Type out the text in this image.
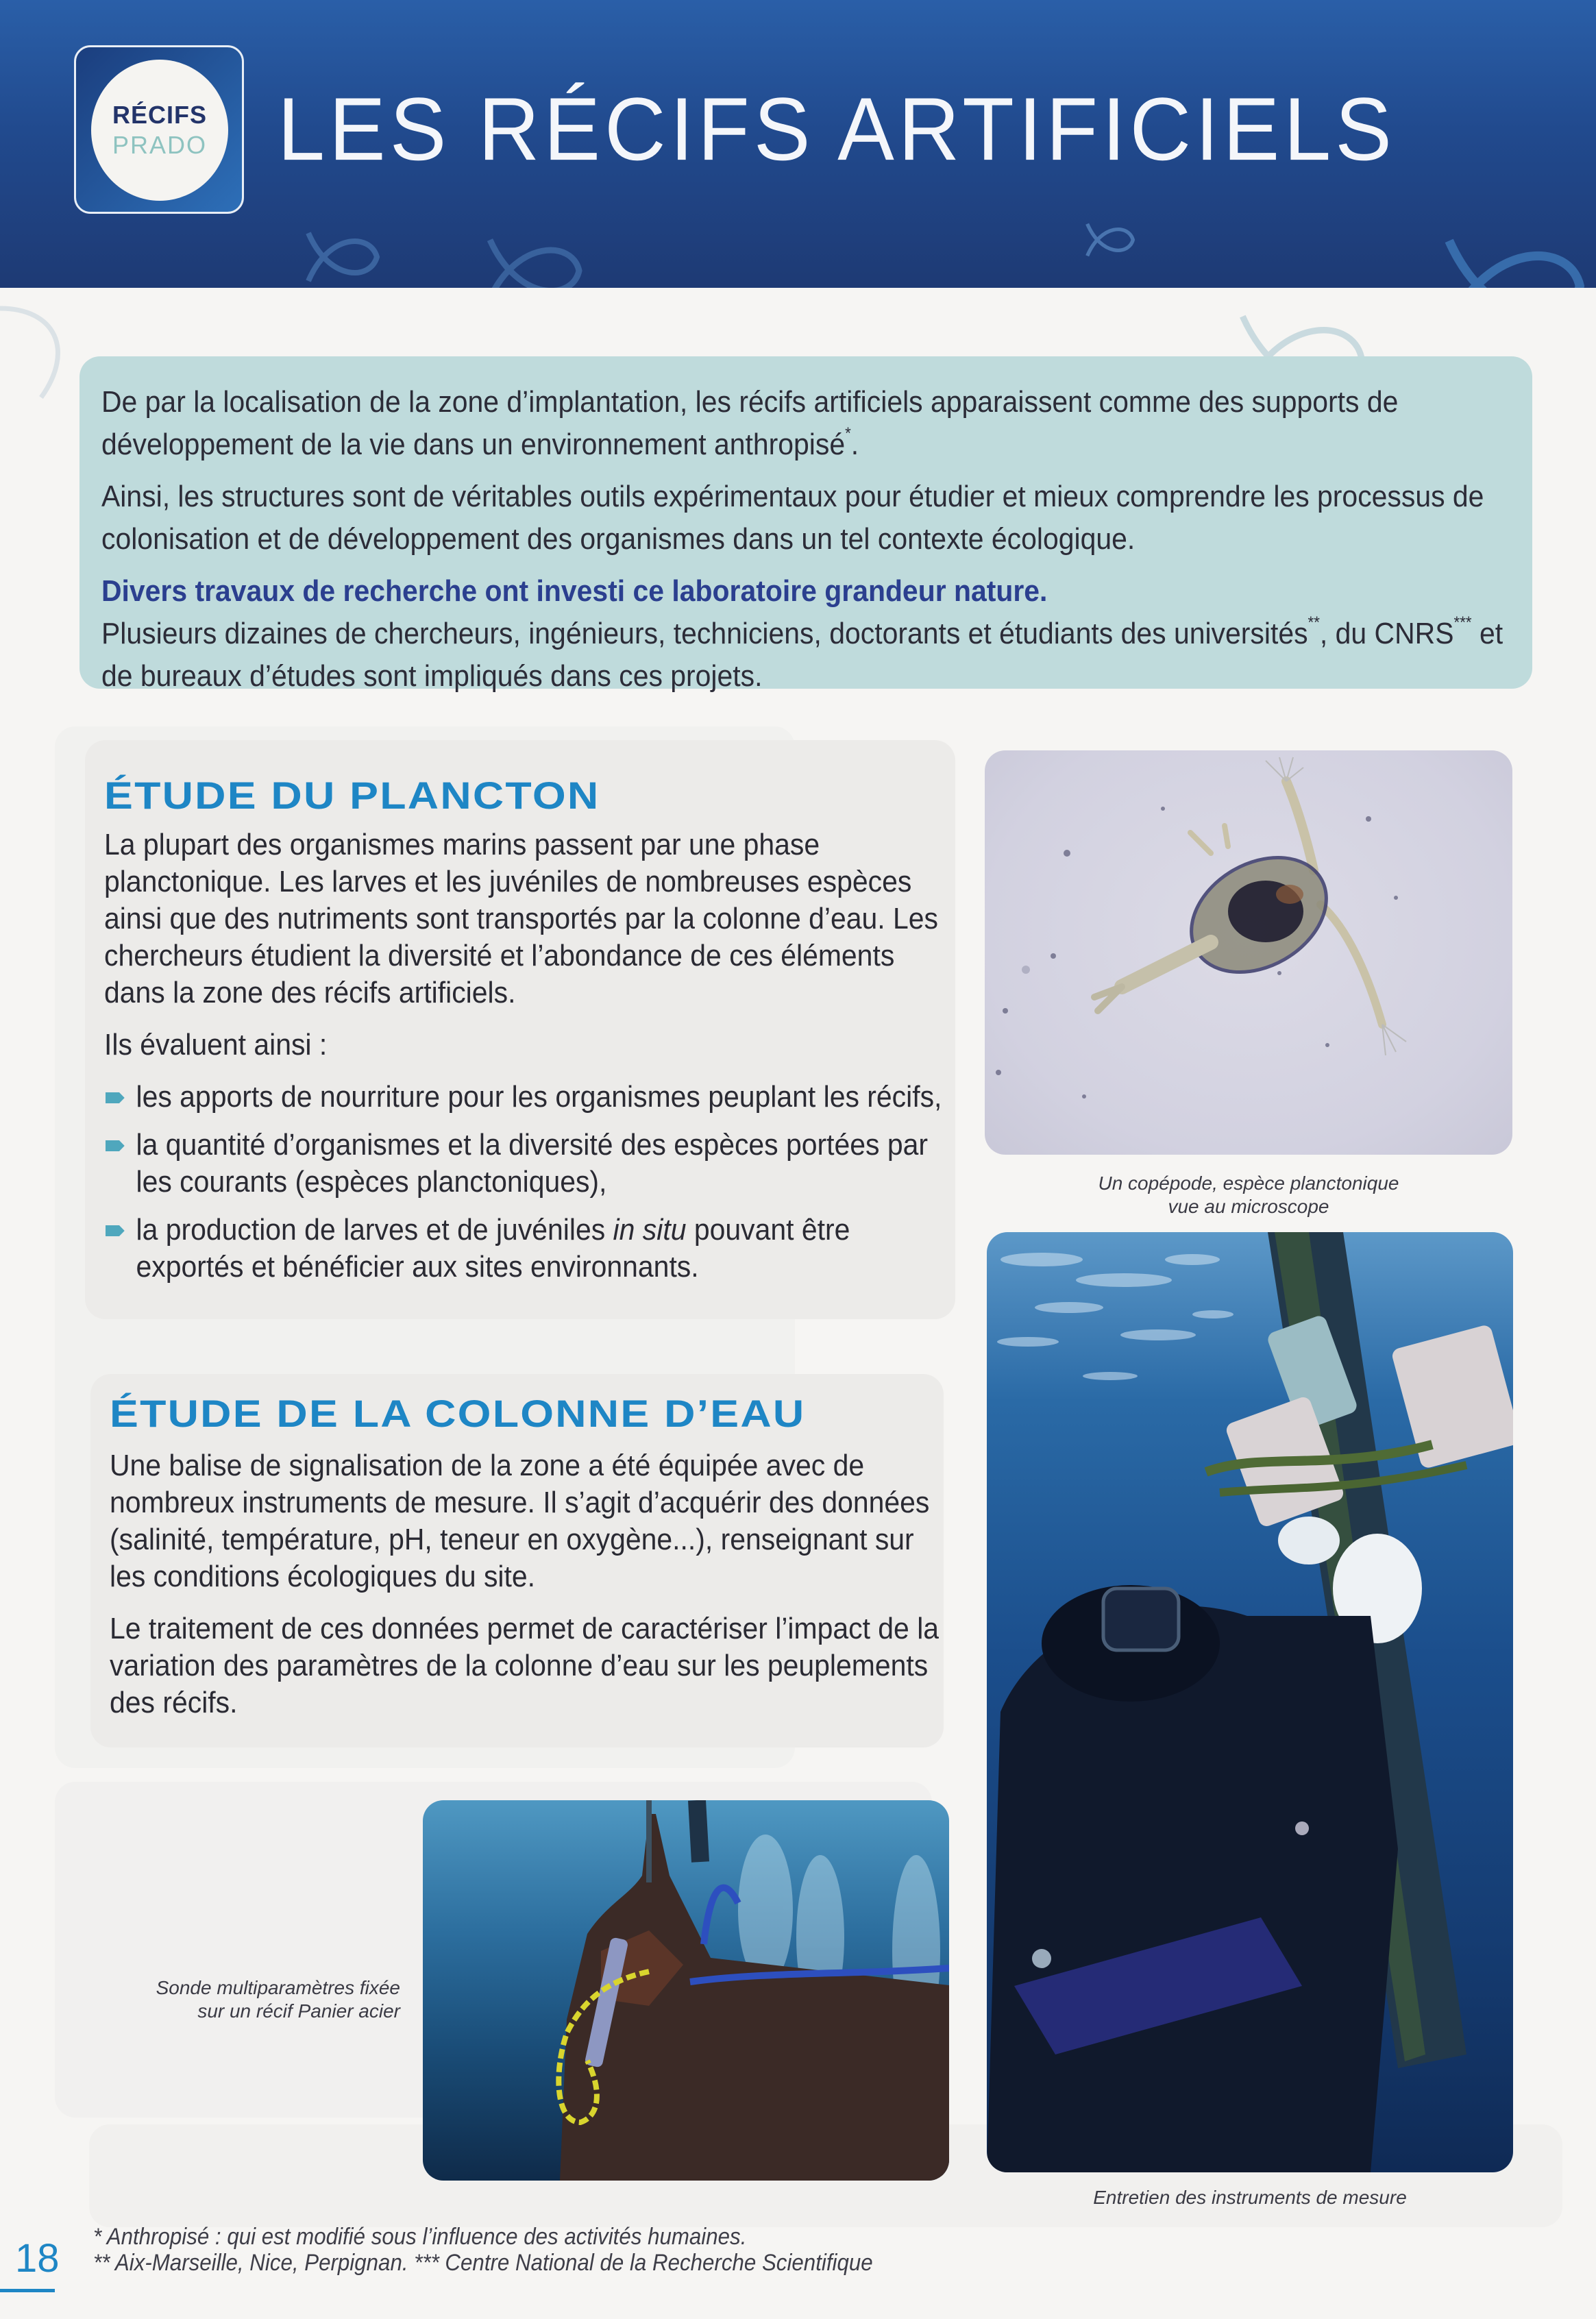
RÉCIFS
PRADO LES RÉCIFS ARTIFICIELS

De par la localisation de la zone d’implantation, les récifs artificiels apparaissent comme des supports de développement de la vie dans un environnement anthropisé*.

Ainsi, les structures sont de véritables outils expérimentaux pour étudier et mieux comprendre les processus de colonisation et de développement des organismes dans un tel contexte écologique.

Divers travaux de recherche ont investi ce laboratoire grandeur nature.

Plusieurs dizaines de chercheurs, ingénieurs, techniciens, doctorants et étudiants des universités**, du CNRS*** et de bureaux d’études sont impliqués dans ces projets.

ÉTUDE DU PLANCTON

La plupart des organismes marins passent par une phase planctonique. Les larves et les juvéniles de nombreuses espèces ainsi que des nutriments sont transportés par la colonne d’eau. Les chercheurs étudient la diversité et l’abondance de ces éléments dans la zone des récifs artificiels.

Ils évaluent ainsi :

les apports de nourriture pour les organismes peuplant les récifs,
la quantité d’organismes et la diversité des espèces portées par les courants (espèces planctoniques),
la production de larves et de juvéniles in situ pouvant être exportés et bénéficier aux sites environnants.
Un copépode, espèce planctonique
vue au microscope
ÉTUDE DE LA COLONNE D’EAU

Une balise de signalisation de la zone a été équipée avec de nombreux instruments de mesure. Il s’agit d’acquérir des données (salinité, température, pH, teneur en oxygène...), renseignant sur les conditions écologiques du site.

Le traitement de ces données permet de caractériser l’impact de la variation des paramètres de la colonne d’eau sur les peuplements des récifs.

Entretien des instruments de mesure
Sonde multiparamètres fixée
sur un récif Panier acier
18 * Anthropisé : qui est modifié sous l’influence des activités humaines.
** Aix-Marseille, Nice, Perpignan. *** Centre National de la Recherche Scientifique
